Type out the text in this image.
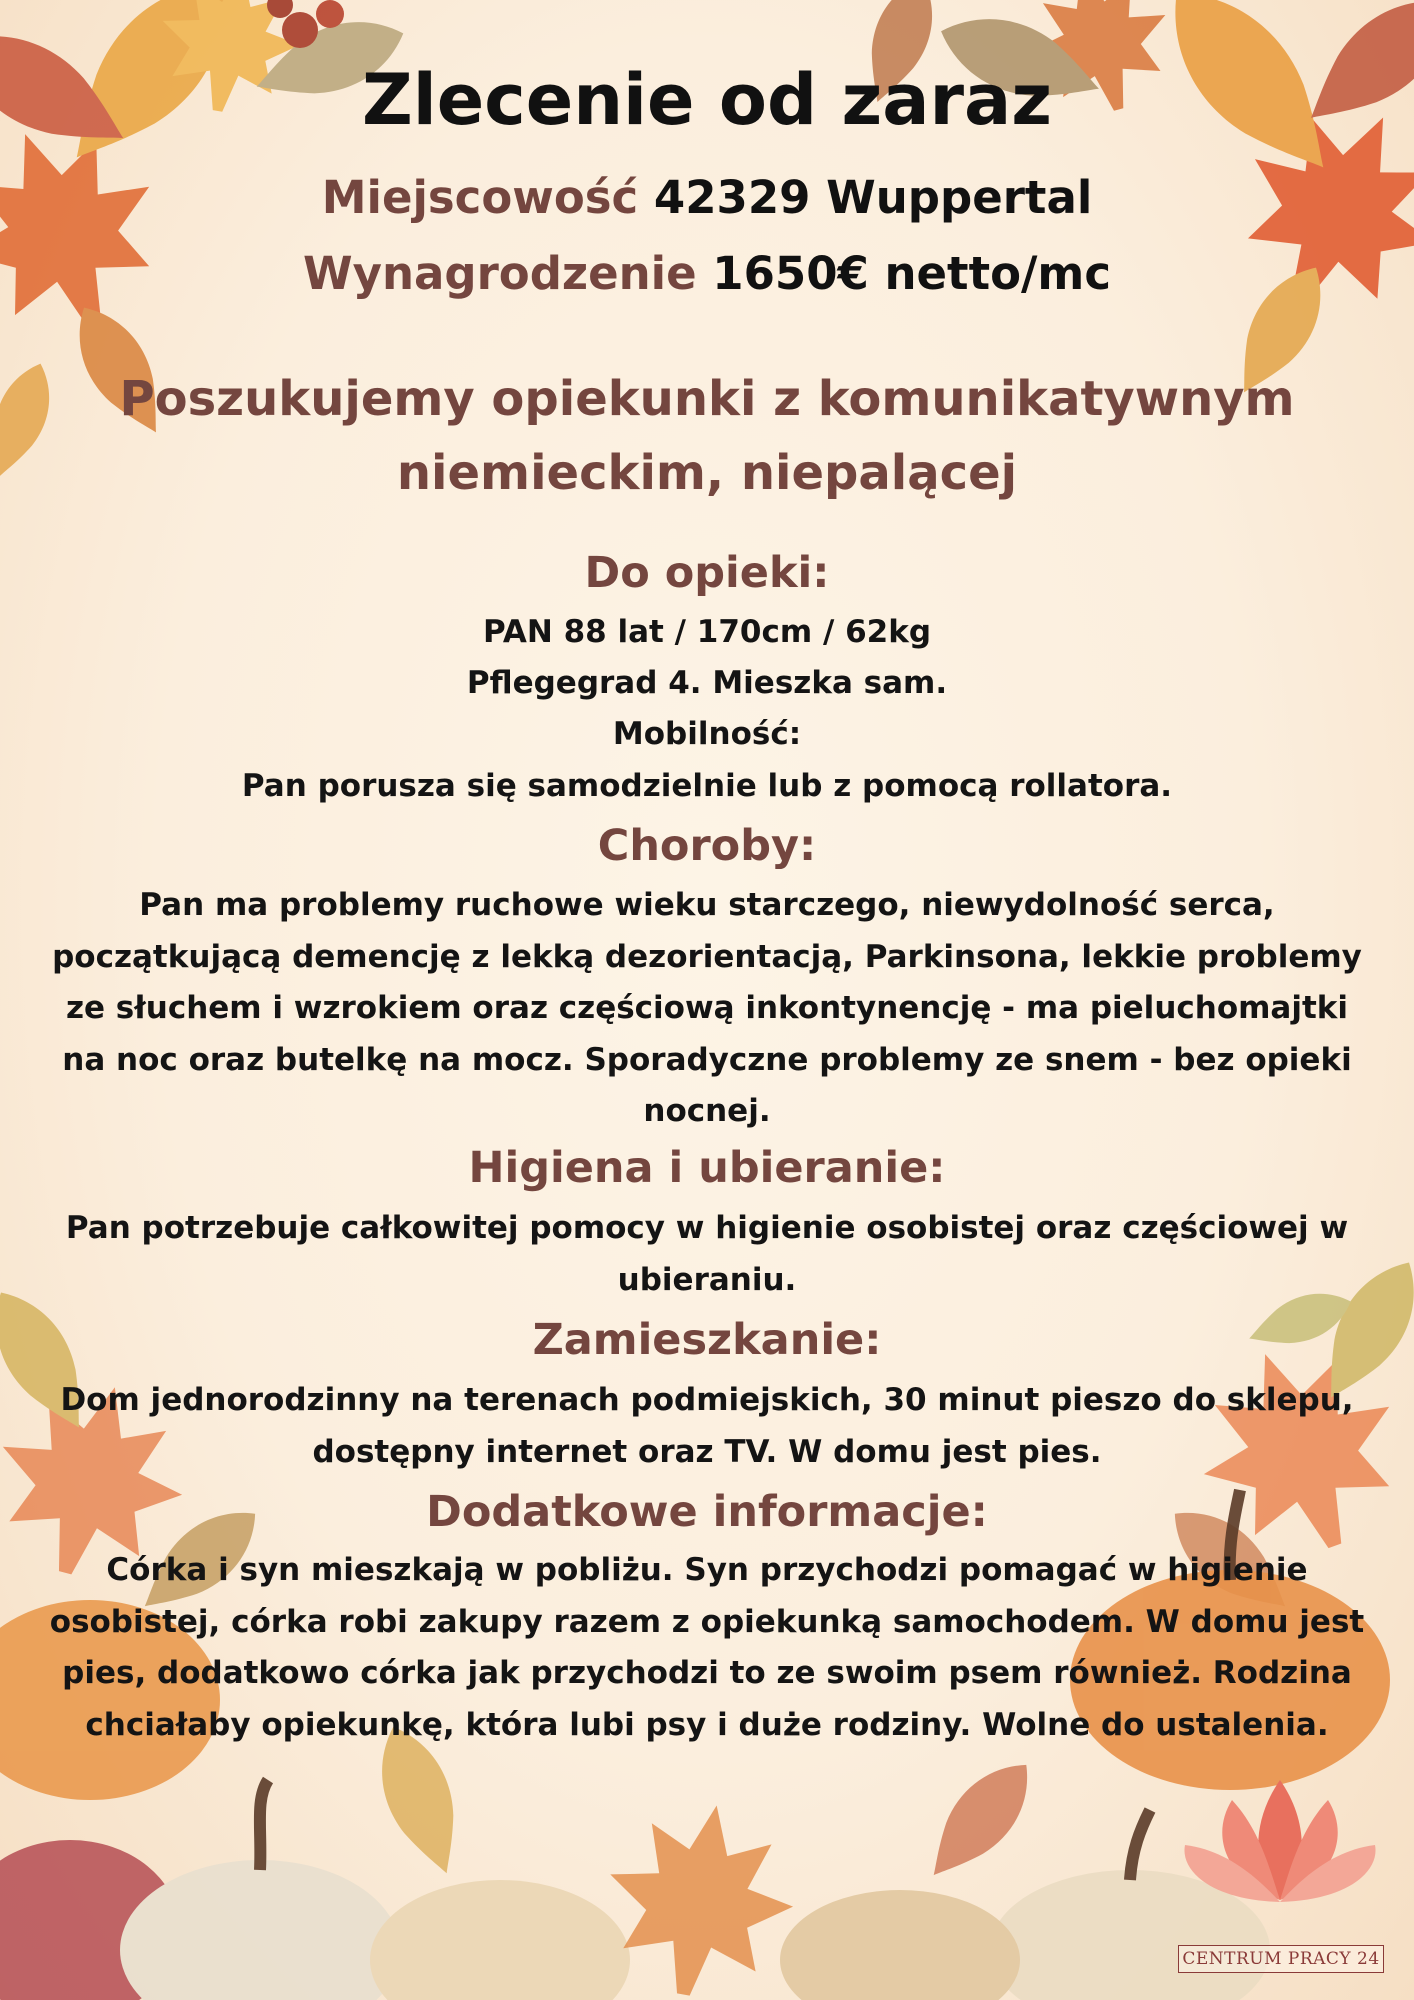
Zlecenie od zaraz
Miejscowość 42329 Wuppertal
Wynagrodzenie 1650€ netto/mc
Poszukujemy opiekunki z komunikatywnym niemieckim, niepalącej
Do opieki:
PAN 88 lat / 170cm / 62kg
Pflegegrad 4. Mieszka sam.
Mobilność:
Pan porusza się samodzielnie lub z pomocą rollatora.
Choroby:
Pan ma problemy ruchowe wieku starczego, niewydolność serca, początkującą demencję z lekką dezorientacją, Parkinsona, lekkie problemy ze słuchem i wzrokiem oraz częściową inkontynencję - ma pieluchomajtki na noc oraz butelkę na mocz. Sporadyczne problemy ze snem - bez opieki nocnej.
Higiena i ubieranie:
Pan potrzebuje całkowitej pomocy w higienie osobistej oraz częściowej w ubieraniu.
Zamieszkanie:
Dom jednorodzinny na terenach podmiejskich, 30 minut pieszo do sklepu, dostępny internet oraz TV. W domu jest pies.
Dodatkowe informacje:
Córka i syn mieszkają w pobliżu. Syn przychodzi pomagać w higienie osobistej, córka robi zakupy razem z opiekunką samochodem. W domu jest pies, dodatkowo córka jak przychodzi to ze swoim psem również. Rodzina chciałaby opiekunkę, która lubi psy i duże rodziny. Wolne do ustalenia.
CENTRUM PRACY 24
